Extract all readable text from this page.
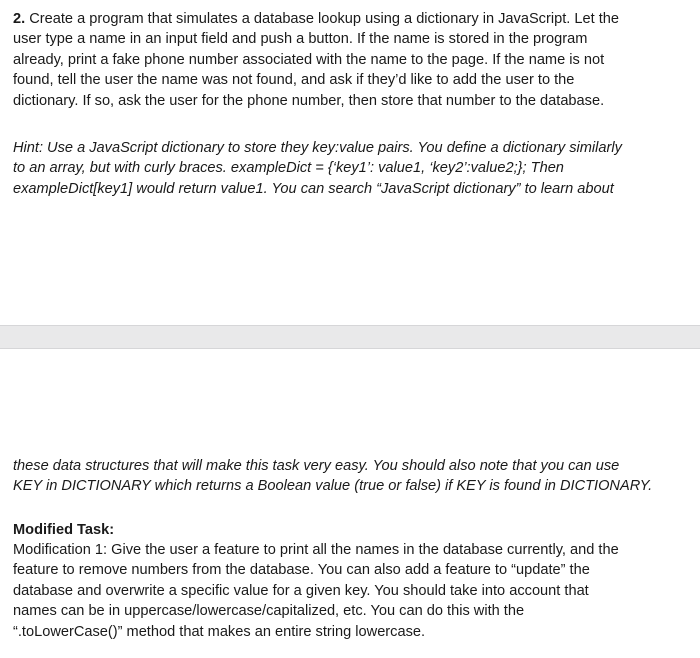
2. Create a program that simulates a database lookup using a dictionary in JavaScript. Let the
user type a name in an input field and push a button. If the name is stored in the program
already, print a fake phone number associated with the name to the page. If the name is not
found, tell the user the name was not found, and ask if they’d like to add the user to the
dictionary. If so, ask the user for the phone number, then store that number to the database.
Hint: Use a JavaScript dictionary to store they key:value pairs. You define a dictionary similarly
to an array, but with curly braces. exampleDict = {‘key1’: value1, ‘key2’:value2;}; Then
exampleDict[key1] would return value1. You can search “JavaScript dictionary” to learn about
these data structures that will make this task very easy. You should also note that you can use
KEY in DICTIONARY which returns a Boolean value (true or false) if KEY is found in DICTIONARY.
Modified Task:
Modification 1: Give the user a feature to print all the names in the database currently, and the
feature to remove numbers from the database. You can also add a feature to “update” the
database and overwrite a specific value for a given key. You should take into account that
names can be in uppercase/lowercase/capitalized, etc. You can do this with the
“.toLowerCase()” method that makes an entire string lowercase.
